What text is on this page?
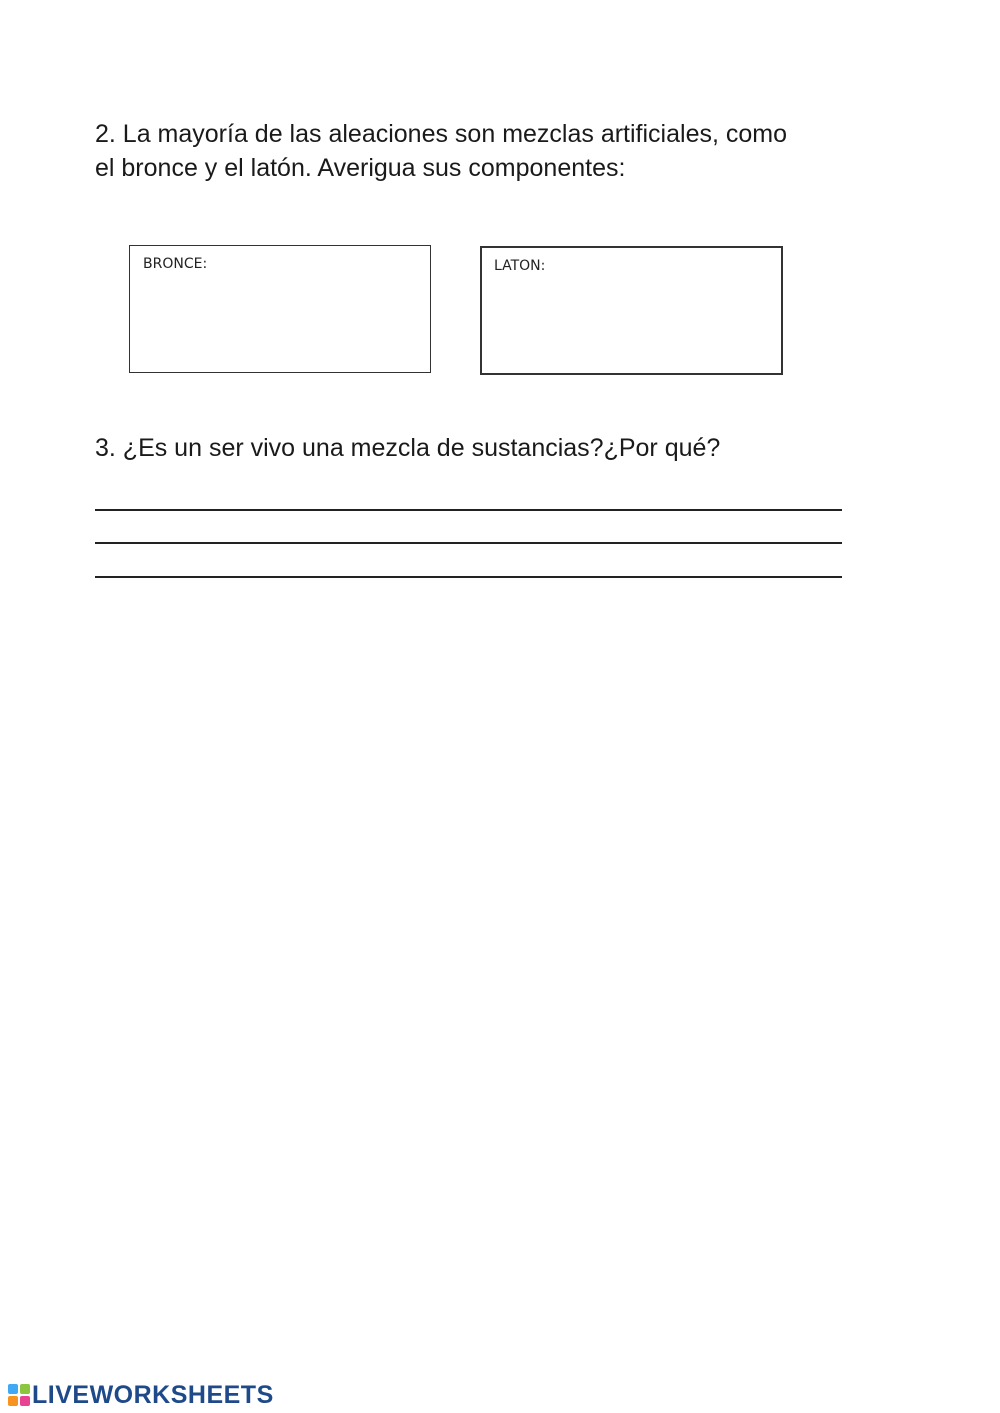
2. La mayoría de las aleaciones son mezclas artificiales, como

el bronce y el latón. Averigua sus componentes:

BRONCE:	LATON:

3. ¿Es un ser vivo una mezcla de sustancias?¿Por qué?

LIVEWORKSHEETS
